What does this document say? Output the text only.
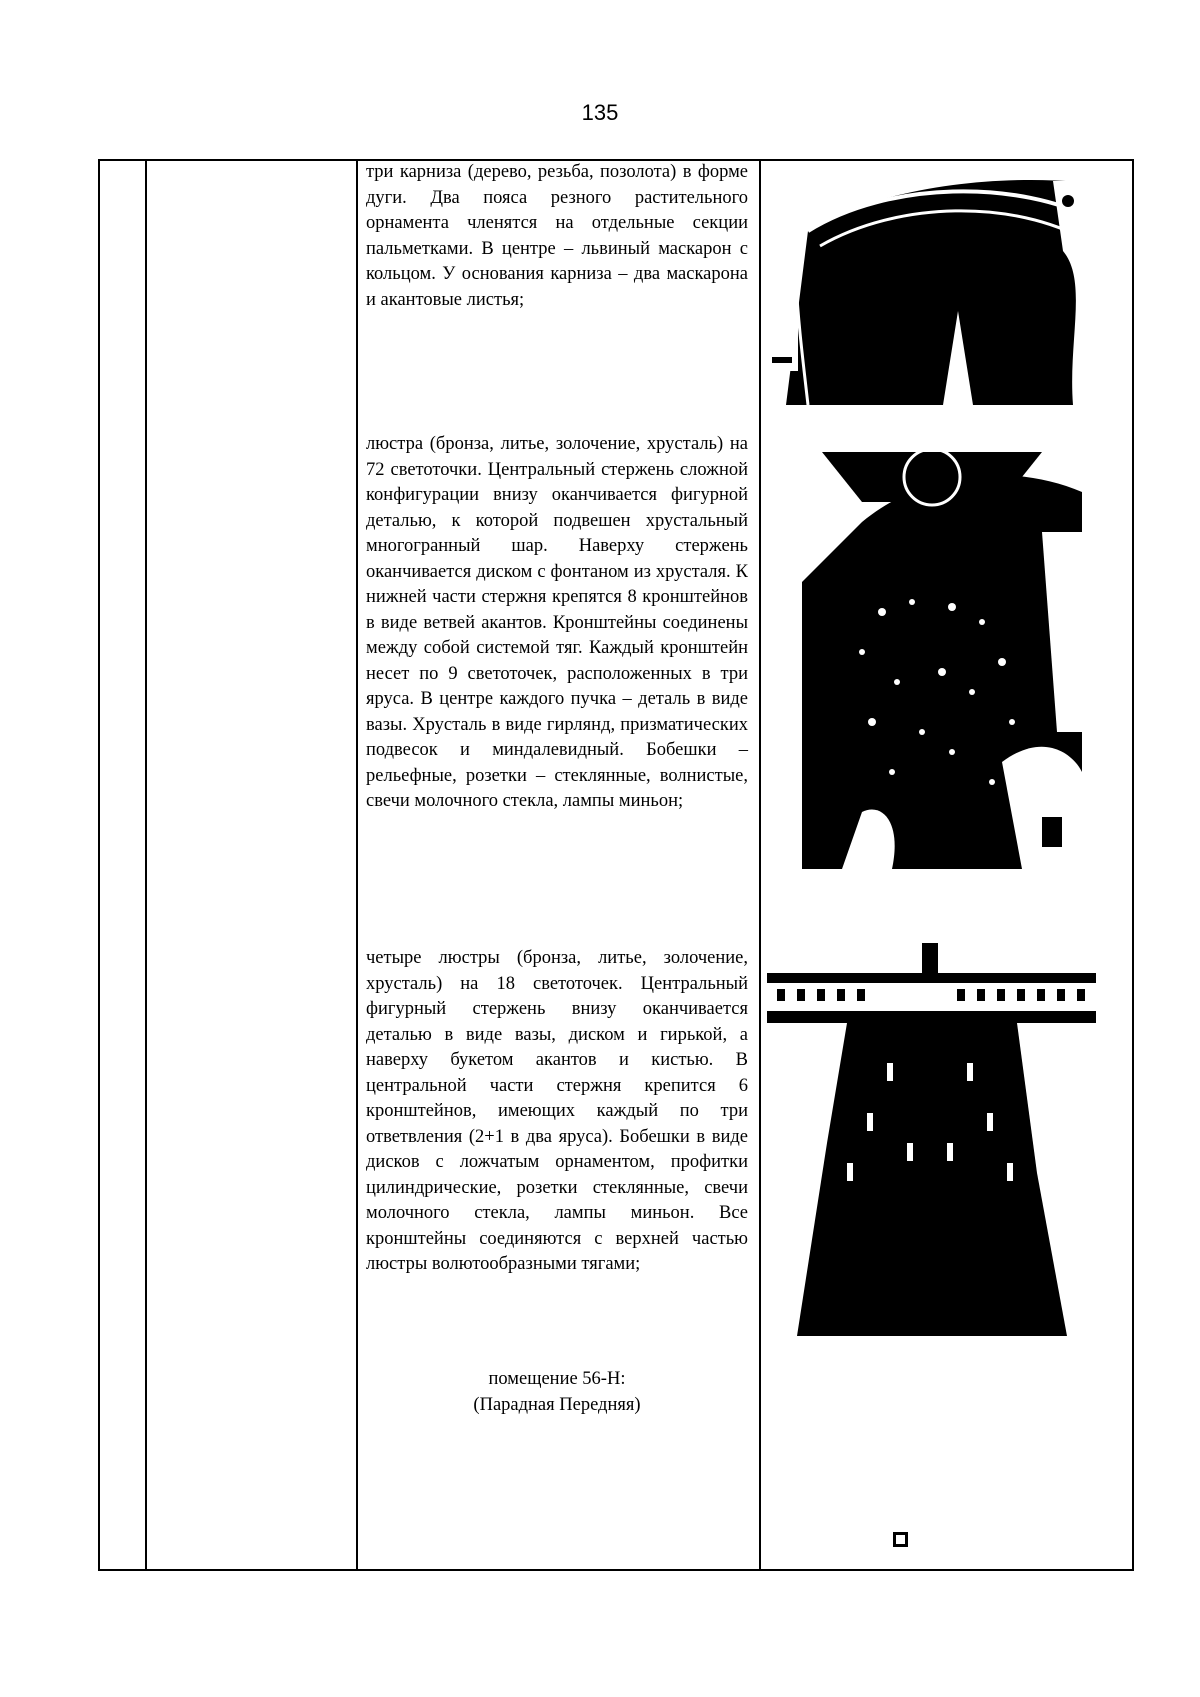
135
три карниза (дерево, резьба, позолота) в форме дуги. Два пояса резного растительного орнамента членятся на отдельные секции пальметками. В центре – львиный маскарон с кольцом. У основания карниза – два маскарона и акантовые листья;
люстра (бронза, литье, золочение, хрусталь) на 72 светоточки. Центральный стержень сложной конфигурации внизу оканчивается фигурной деталью, к которой подвешен хрустальный многогранный шар. Наверху стержень оканчивается диском с фонтаном из хрусталя. К нижней части стержня крепятся 8 кронштейнов в виде ветвей акантов. Кронштейны соединены между собой системой тяг. Каждый кронштейн несет по 9 светоточек, расположенных в три яруса. В центре каждого пучка – деталь в виде вазы. Хрусталь в виде гирлянд, призматических подвесок и миндалевидный. Бобешки – рельефные, розетки – стеклянные, волнистые, свечи молочного стекла, лампы миньон;
четыре люстры (бронза, литье, золочение, хрусталь) на 18 светоточек. Центральный фигурный стержень внизу оканчивается деталью в виде вазы, диском и гирькой, а наверху букетом акантов и кистью. В центральной части стержня крепится 6 кронштейнов, имеющих каждый по три ответвления (2+1 в два яруса). Бобешки в виде дисков с ложчатым орнаментом, профитки цилиндрические, розетки стеклянные, свечи молочного стекла, лампы миньон. Все кронштейны соединяются с верхней частью люстры волютообразными тягами;
помещение 56-Н:
(Парадная Передняя)
